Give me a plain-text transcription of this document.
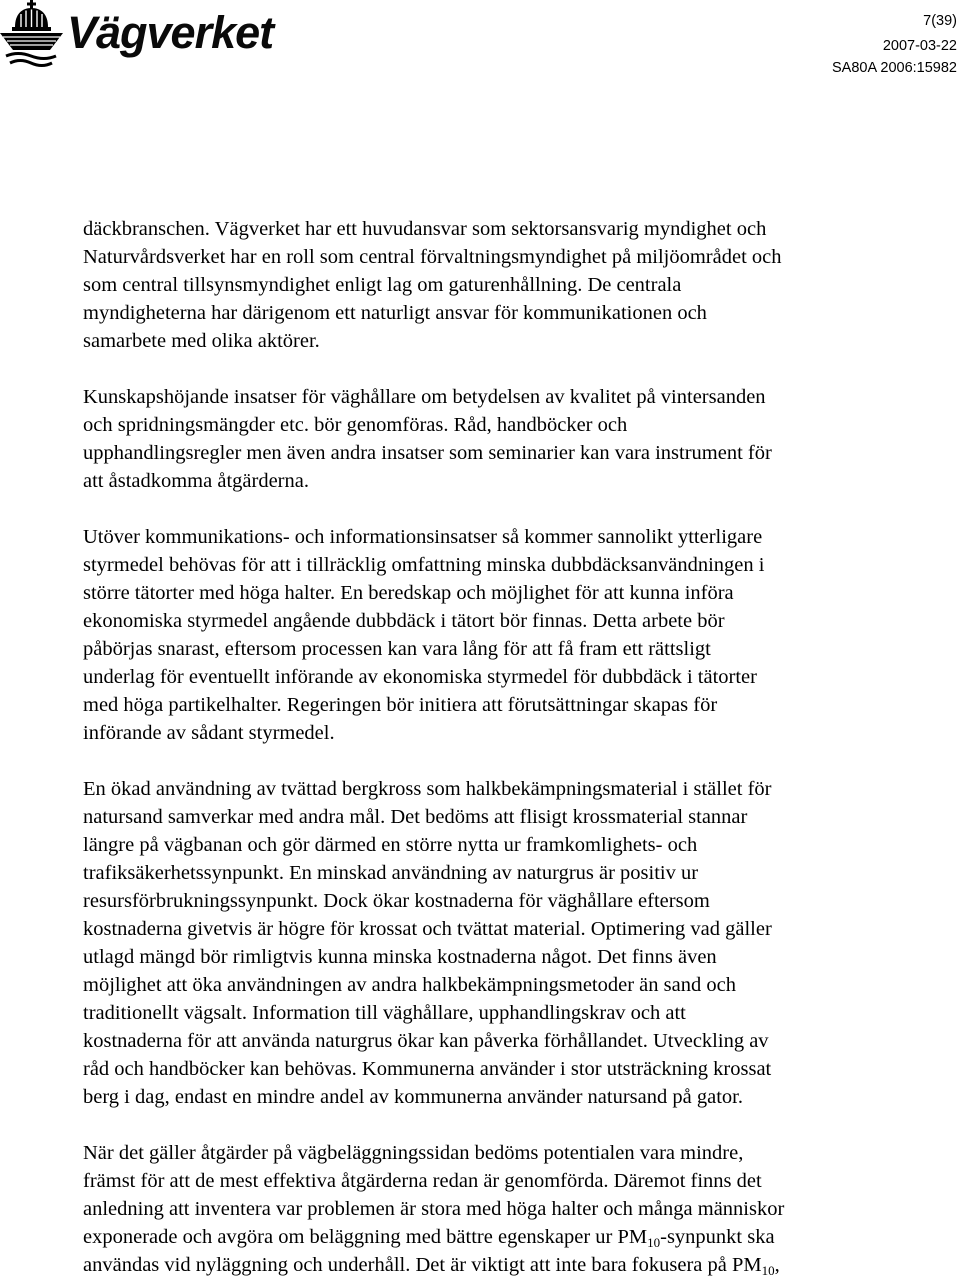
Vägverket	7(39)
2007-03-22
SA80A 2006:15982
däckbranschen. Vägverket har ett huvudansvar som sektorsansvarig myndighet och
Naturvårdsverket har en roll som central förvaltningsmyndighet på miljöområdet och
som central tillsynsmyndighet enligt lag om gaturenhållning. De centrala
myndigheterna har därigenom ett naturligt ansvar för kommunikationen och
samarbete med olika aktörer.
Kunskapshöjande insatser för väghållare om betydelsen av kvalitet på vintersanden
och spridningsmängder etc. bör genomföras. Råd, handböcker och
upphandlingsregler men även andra insatser som seminarier kan vara instrument för
att åstadkomma åtgärderna.
Utöver kommunikations- och informationsinsatser så kommer sannolikt ytterligare
styrmedel behövas för att i tillräcklig omfattning minska dubbdäcksanvändningen i
större tätorter med höga halter. En beredskap och möjlighet för att kunna införa
ekonomiska styrmedel angående dubbdäck i tätort bör finnas. Detta arbete bör
påbörjas snarast, eftersom processen kan vara lång för att få fram ett rättsligt
underlag för eventuellt införande av ekonomiska styrmedel för dubbdäck i tätorter
med höga partikelhalter. Regeringen bör initiera att förutsättningar skapas för
införande av sådant styrmedel.
En ökad användning av tvättad bergkross som halkbekämpningsmaterial i stället för
natursand samverkar med andra mål. Det bedöms att flisigt krossmaterial stannar
längre på vägbanan och gör därmed en större nytta ur framkomlighets- och
trafiksäkerhetssynpunkt. En minskad användning av naturgrus är positiv ur
resursförbrukningssynpunkt. Dock ökar kostnaderna för väghållare eftersom
kostnaderna givetvis är högre för krossat och tvättat material. Optimering vad gäller
utlagd mängd bör rimligtvis kunna minska kostnaderna något. Det finns även
möjlighet att öka användningen av andra halkbekämpningsmetoder än sand och
traditionellt vägsalt. Information till väghållare, upphandlingskrav och att
kostnaderna för att använda naturgrus ökar kan påverka förhållandet. Utveckling av
råd och handböcker kan behövas. Kommunerna använder i stor utsträckning krossat
berg i dag, endast en mindre andel av kommunerna använder natursand på gator.
När det gäller åtgärder på vägbeläggningssidan bedöms potentialen vara mindre,
främst för att de mest effektiva åtgärderna redan är genomförda. Däremot finns det
anledning att inventera var problemen är stora med höga halter och många människor
exponerade och avgöra om beläggning med bättre egenskaper ur $PM_{10}$-synpunkt ska
användas vid nyläggning och underhåll. Det är viktigt att inte bara fokusera på $PM_{10}$,
